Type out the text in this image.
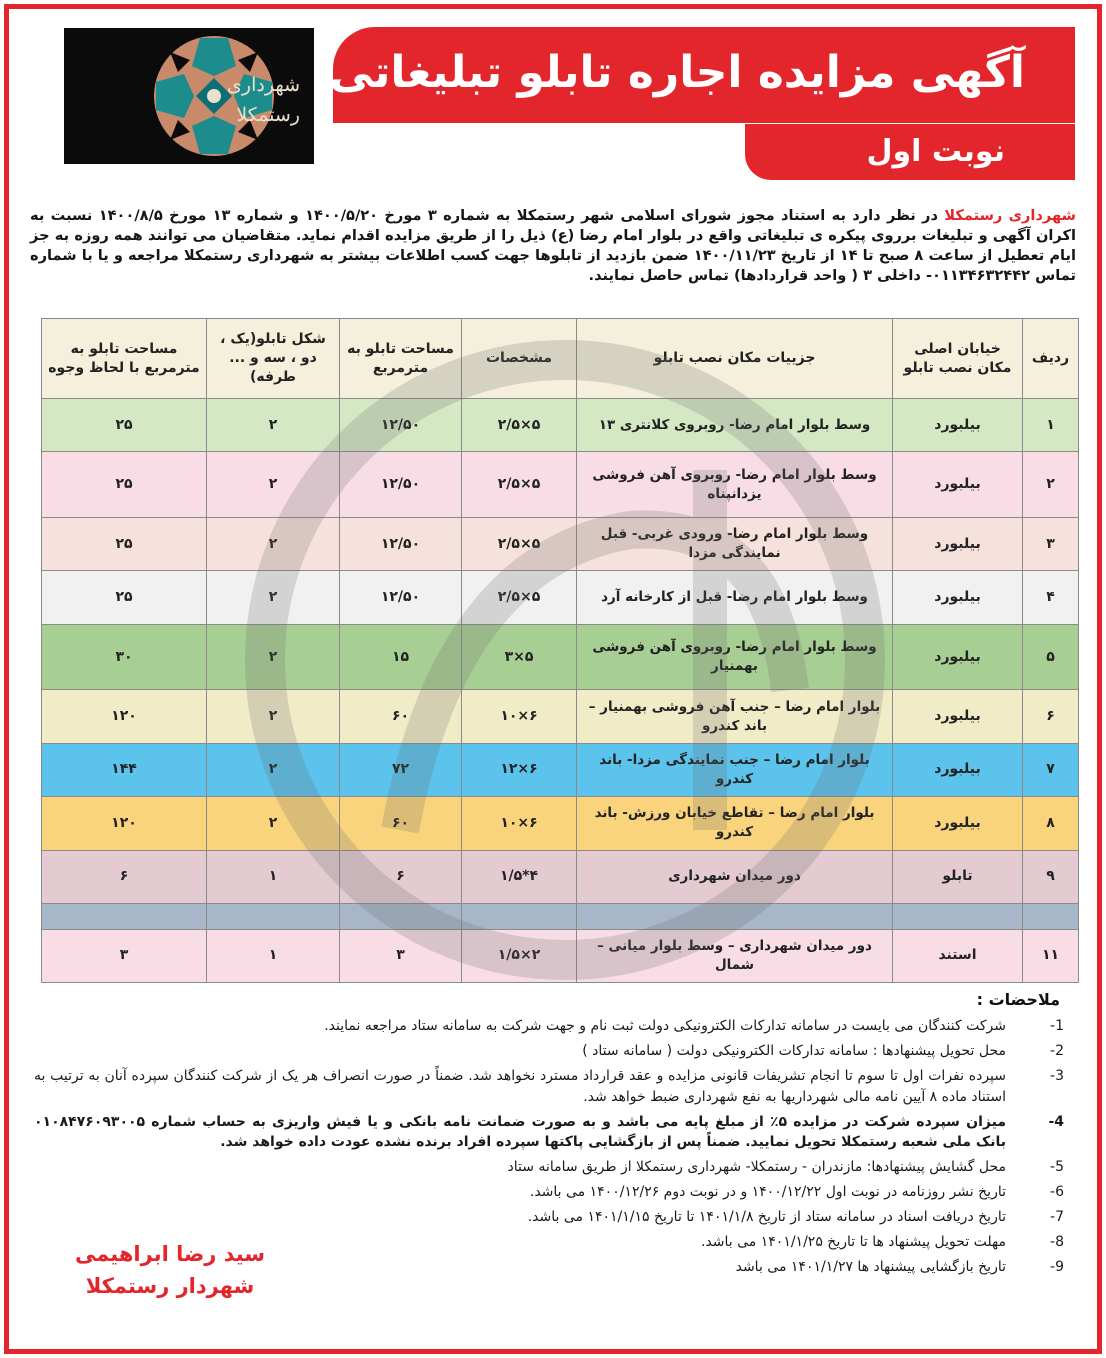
شهرداری
رستمکلا
آگهی مزایده اجاره تابلو تبلیغاتی
نوبت اول

شهرداری رستمکلا در نظر دارد به استناد مجوز شورای اسلامی شهر رستمکلا به شماره ۳ مورخ ۱۴۰۰/۵/۲۰ و شماره ۱۳ مورخ ۱۴۰۰/۸/۵ نسبت به اکران آگهی و تبلیغات برروی پیکره ی تبلیغاتی واقع در بلوار امام رضا (ع) ذیل را از طریق مزایده اقدام نماید. متقاضیان می توانند همه روزه به جز ایام تعطیل از ساعت ۸ صبح تا ۱۴ از تاریخ ۱۴۰۰/۱۱/۲۳ ضمن بازدید از تابلوها جهت کسب اطلاعات بیشتر به شهرداری رستمکلا مراجعه و یا با شماره تماس ۰۱۱۳۴۶۳۲۴۴۲- داخلی ۳ ( واحد قراردادها) تماس حاصل نمایند.

ردیف	خیابان اصلی مکان نصب تابلو	جزییات مکان نصب تابلو	مشخصات	مساحت تابلو به مترمربع	شکل تابلو(یک ، دو ، سه و ... طرفه)	مساحت تابلو به مترمربع با لحاظ وجوه
۱	بیلبورد	وسط بلوار امام رضا- روبروی کلانتری ۱۳	۵×۲/۵	۱۲/۵۰	۲	۲۵
۲	بیلبورد	وسط بلوار امام رضا- روبروی آهن فروشی یزدانپناه	۵×۲/۵	۱۲/۵۰	۲	۲۵
۳	بیلبورد	وسط بلوار امام رضا- ورودی غربی- قبل نمایندگی مزدا	۵×۲/۵	۱۲/۵۰	۲	۲۵
۴	بیلبورد	وسط بلوار امام رضا- قبل از کارخانه آرد	۵×۲/۵	۱۲/۵۰	۲	۲۵
۵	بیلبورد	وسط بلوار امام رضا- روبروی آهن فروشی بهمنیار	۵×۳	۱۵	۲	۳۰
۶	بیلبورد	بلوار امام رضا – جنب آهن فروشی بهمنیار – باند کندرو	۶×۱۰	۶۰	۲	۱۲۰
۷	بیلبورد	بلوار امام رضا – جنب نمایندگی مزدا- باند کندرو	۶×۱۲	۷۲	۲	۱۴۴
۸	بیلبورد	بلوار امام رضا – تقاطع خیابان ورزش- باند کندرو	۶×۱۰	۶۰	۲	۱۲۰
۹	تابلو	دور میدان شهرداری	۴*۱/۵	۶	۱	۶

۱۱	استند	دور میدان شهرداری – وسط بلوار میانی – شمال	۲×۱/۵	۳	۱	۳
ملاحضات :
-1
شرکت کنندگان می بایست در سامانه تدارکات الکترونیکی دولت ثبت نام و جهت شرکت به سامانه ستاد مراجعه نمایند.
-2
محل تحویل پیشنهادها : سامانه تدارکات الکترونیکی دولت ( سامانه ستاد )
-3
سپرده نفرات اول تا سوم تا انجام تشریفات قانونی مزایده و عقد قرارداد مسترد نخواهد شد. ضمناً در صورت انصراف هر یک از شرکت کنندگان سپرده آنان به ترتیب به استناد ماده ۸ آیین نامه مالی شهرداریها به نفع شهرداری ضبط خواهد شد.
-4
میزان سپرده شرکت در مزایده ۵٪ از مبلغ پایه می باشد و به صورت ضمانت نامه بانکی و یا فیش واریزی به حساب شماره ۰۱۰۸۴۷۶۰۹۳۰۰۵ بانک ملی شعبه رستمکلا تحویل نمایید. ضمناً پس از بازگشایی پاکتها سپرده افراد برنده نشده عودت داده خواهد شد.
-5
محل گشایش پیشنهادها: مازندران - رستمکلا- شهرداری رستمکلا از طریق سامانه ستاد
-6
تاریخ نشر روزنامه در نوبت اول ۱۴۰۰/۱۲/۲۲ و در نوبت دوم ۱۴۰۰/۱۲/۲۶ می باشد.
-7
تاریخ دریافت اسناد در سامانه ستاد از تاریخ ۱۴۰۱/۱/۸ تا تاریخ ۱۴۰۱/۱/۱۵ می باشد.
-8
مهلت تحویل پیشنهاد ها تا تاریخ ۱۴۰۱/۱/۲۵ می باشد.
-9
تاریخ بازگشایی پیشنهاد ها ۱۴۰۱/۱/۲۷ می باشد
سید رضا ابراهیمی
شهردار رستمکلا
